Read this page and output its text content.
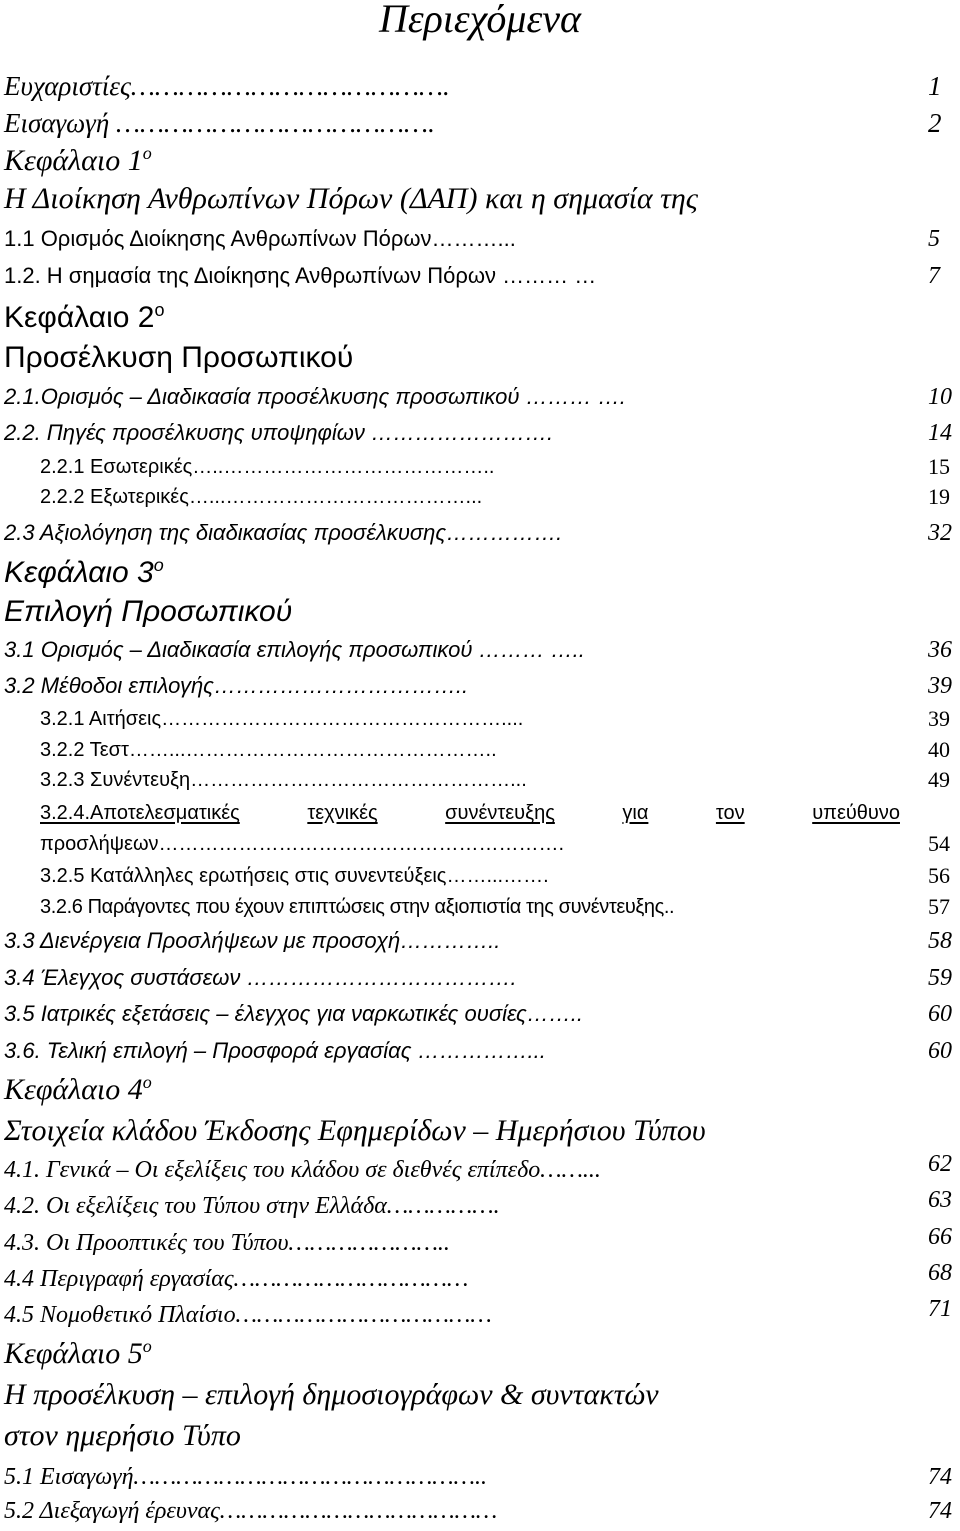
Περιεχόμενα
Ευχαριστίες………………………………….	1
Εισαγωγή ………………………………….	2
Κεφάλαιο $1^o$
Η Διοίκηση Ανθρωπίνων Πόρων (ΔΑΠ) και η σημασία της
1.1 Ορισμός Διοίκησης Ανθρωπίνων Πόρων………...	5
1.2. Η σημασία της Διοίκησης Ανθρωπίνων Πόρων ……… …	7
Κεφάλαιο $2^o$
Προσέλκυση Προσωπικού
2.1.Ορισμός – Διαδικασία προσέλκυσης προσωπικού ……… ….	10
2.2. Πηγές προσέλκυσης υποψηφίων …………………….	14
2.2.1 Εσωτερικές…..…………………………………..	15
2.2.2 Εξωτερικές…...………………………………...	19
2.3 Αξιολόγηση της διαδικασίας προσέλκυσης…………….	32
Κεφάλαιο $3^o$
Επιλογή Προσωπικού
3.1 Ορισμός – Διαδικασία επιλογής προσωπικού ……… …..	36
3.2 Μέθοδοι επιλογής……………………………..	39
3.2.1 Αιτήσεις……………………………………………....	39
3.2.2 Τεστ……...………………………………………..	40
3.2.3 Συνέντευξη…………………………………………...	49
3.2.4.Αποτελεσματικές	τεχνικές	συνέντευξης	για	τον	υπεύθυνο
προσλήψεων…………………………………………………….	54
3.2.5 Κατάλληλες ερωτήσεις στις συνεντεύξεις……...…….	56
3.2.6 Παράγοντες που έχουν επιπτώσεις στην αξιοπιστία της συνέντευξης..	57
3.3 Διενέργεια Προσλήψεων με προσοχή…………..	58
3.4 Έλεγχος συστάσεων ……………………………….	59
3.5 Ιατρικές εξετάσεις – έλεγχος για ναρκωτικές ουσίες……..	60
3.6. Τελική επιλογή – Προσφορά εργασίας ……………...	60
Κεφάλαιο $4^o$
Στοιχεία κλάδου Έκδοσης Εφημερίδων – Ημερήσιου Τύπου
4.1. Γενικά – Οι εξελίξεις του κλάδου σε διεθνές επίπεδο……...	62
4.2. Οι εξελίξεις του Τύπου στην Ελλάδα…………….	63
4.3. Οι Προοπτικές του Τύπου…………………..	66
4.4 Περιγραφή εργασίας……………………………	68
4.5 Νομοθετικό Πλαίσιο………………………………	71
Κεφάλαιο $5^o$
Η προσέλκυση – επιλογή δημοσιογράφων & συντακτών
στον ημερήσιο Τύπο
5.1 Εισαγωγή…………………………………………..	74
5.2 Διεξαγωγή έρευνας…………………………………	74
